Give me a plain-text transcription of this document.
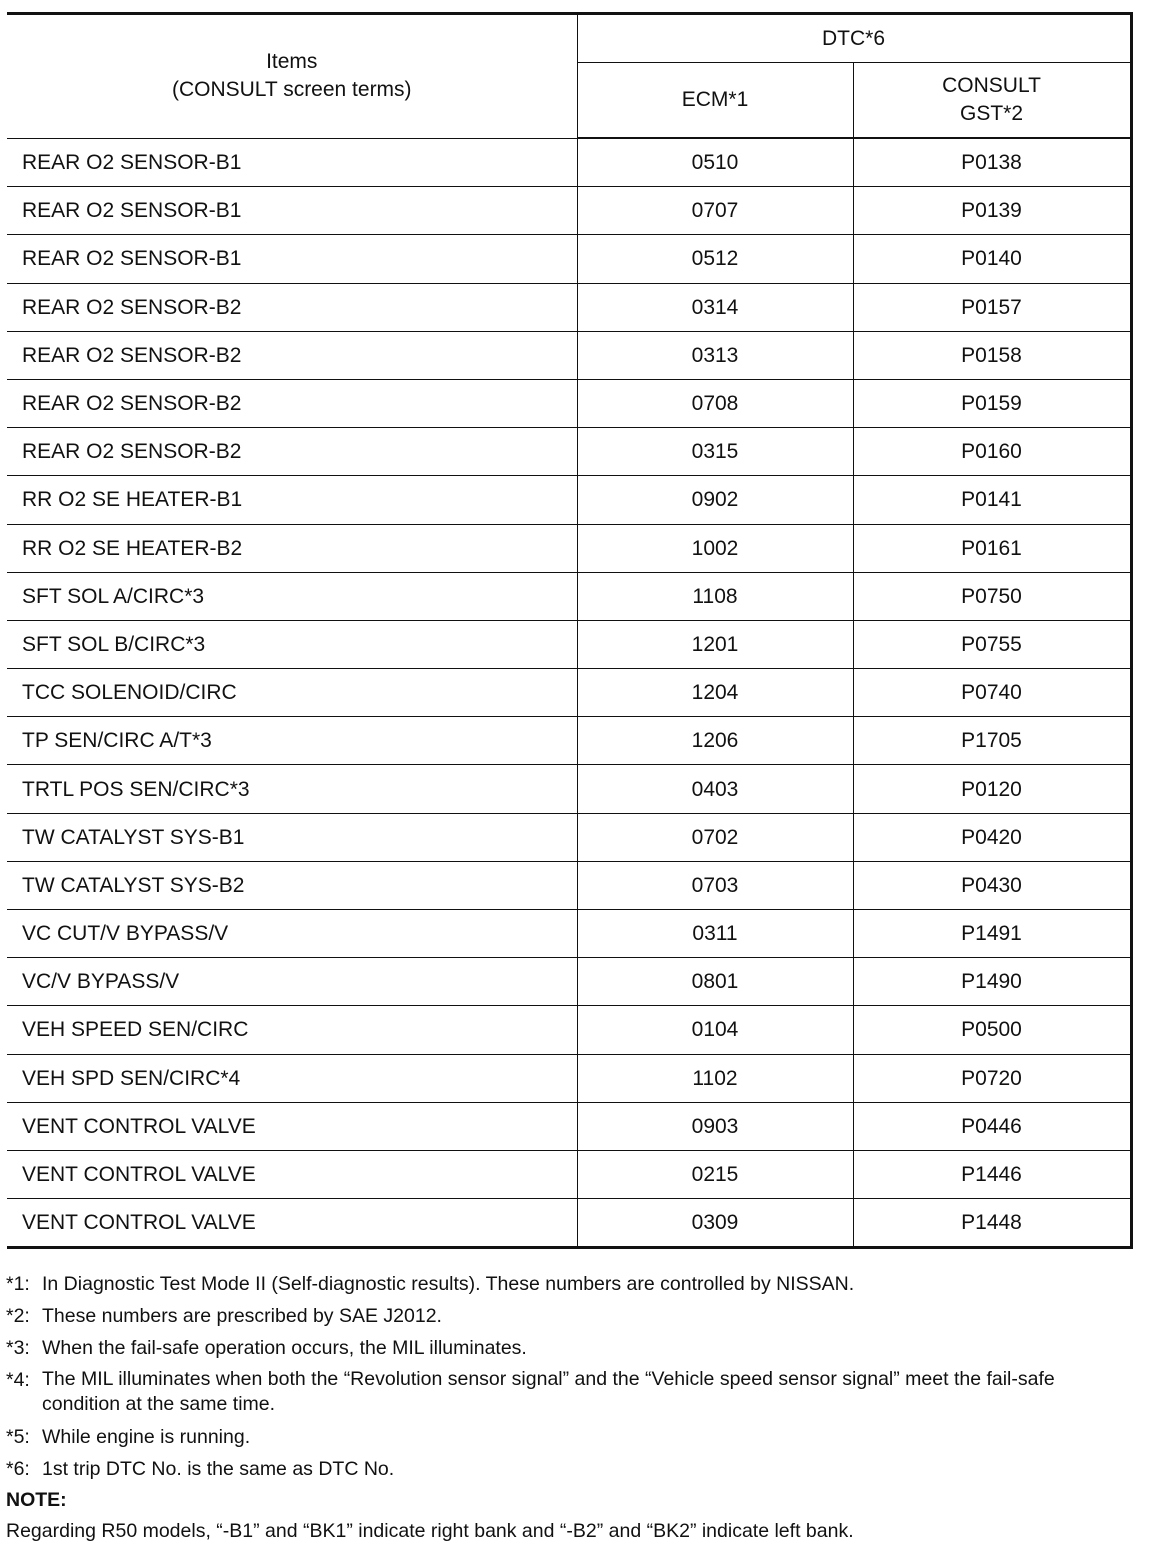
Items
(CONSULT screen terms)	DTC*6	
	ECM*1	CONSULT
GST*2

REAR O2 SENSOR-B1	0510	P0138
REAR O2 SENSOR-B1	0707	P0139
REAR O2 SENSOR-B1	0512	P0140
REAR O2 SENSOR-B2	0314	P0157
REAR O2 SENSOR-B2	0313	P0158
REAR O2 SENSOR-B2	0708	P0159
REAR O2 SENSOR-B2	0315	P0160
RR O2 SE HEATER-B1	0902	P0141
RR O2 SE HEATER-B2	1002	P0161
SFT SOL A/CIRC*3	1108	P0750
SFT SOL B/CIRC*3	1201	P0755
TCC SOLENOID/CIRC	1204	P0740
TP SEN/CIRC A/T*3	1206	P1705
TRTL POS SEN/CIRC*3	0403	P0120
TW CATALYST SYS-B1	0702	P0420
TW CATALYST SYS-B2	0703	P0430
VC CUT/V BYPASS/V	0311	P1491
VC/V BYPASS/V	0801	P1490
VEH SPEED SEN/CIRC	0104	P0500
VEH SPD SEN/CIRC*4	1102	P0720
VENT CONTROL VALVE	0903	P0446
VENT CONTROL VALVE	0215	P1446
VENT CONTROL VALVE	0309	P1448
*1: In Diagnostic Test Mode II (Self-diagnostic results). These numbers are controlled by NISSAN.
*2: These numbers are prescribed by SAE J2012.
*3: When the fail-safe operation occurs, the MIL illuminates.
*4: The MIL illuminates when both the “Revolution sensor signal” and the “Vehicle speed sensor signal” meet the fail-safe condition at the same time.
*5: While engine is running.
*6: 1st trip DTC No. is the same as DTC No.
NOTE:
Regarding R50 models, “-B1” and “BK1” indicate right bank and “-B2” and “BK2” indicate left bank.
